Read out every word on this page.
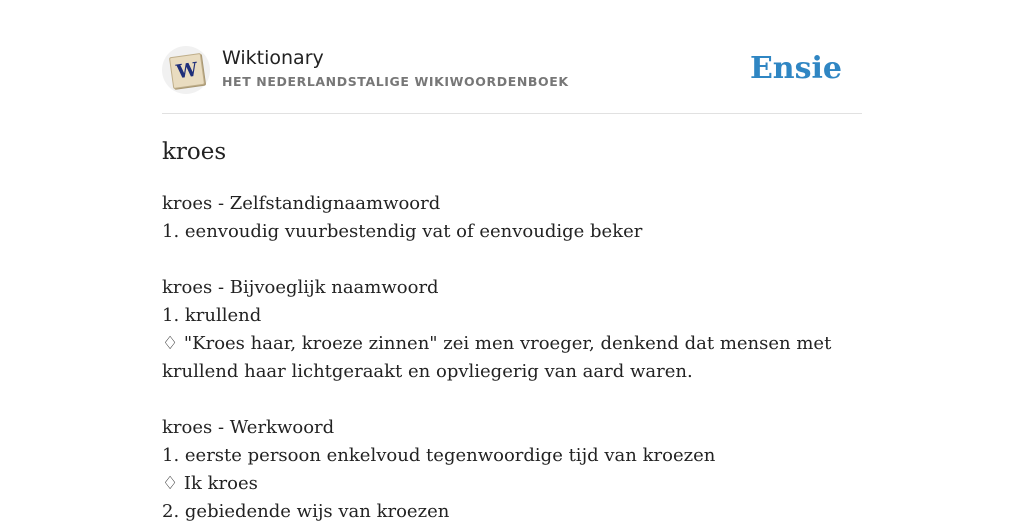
W
Wiktionary
HET NEDERLANDSTALIGE WIKIWOORDENBOEK	Ensie
kroes
kroes - Zelfstandignaamwoord
1. eenvoudig vuurbestendig vat of eenvoudige beker
kroes - Bijvoeglijk naamwoord
1. krullend
♢ "Kroes haar, kroeze zinnen" zei men vroeger, denkend dat mensen met krullend haar lichtgeraakt en opvliegerig van aard waren.
kroes - Werkwoord
1. eerste persoon enkelvoud tegenwoordige tijd van kroezen
♢ Ik kroes
2. gebiedende wijs van kroezen
